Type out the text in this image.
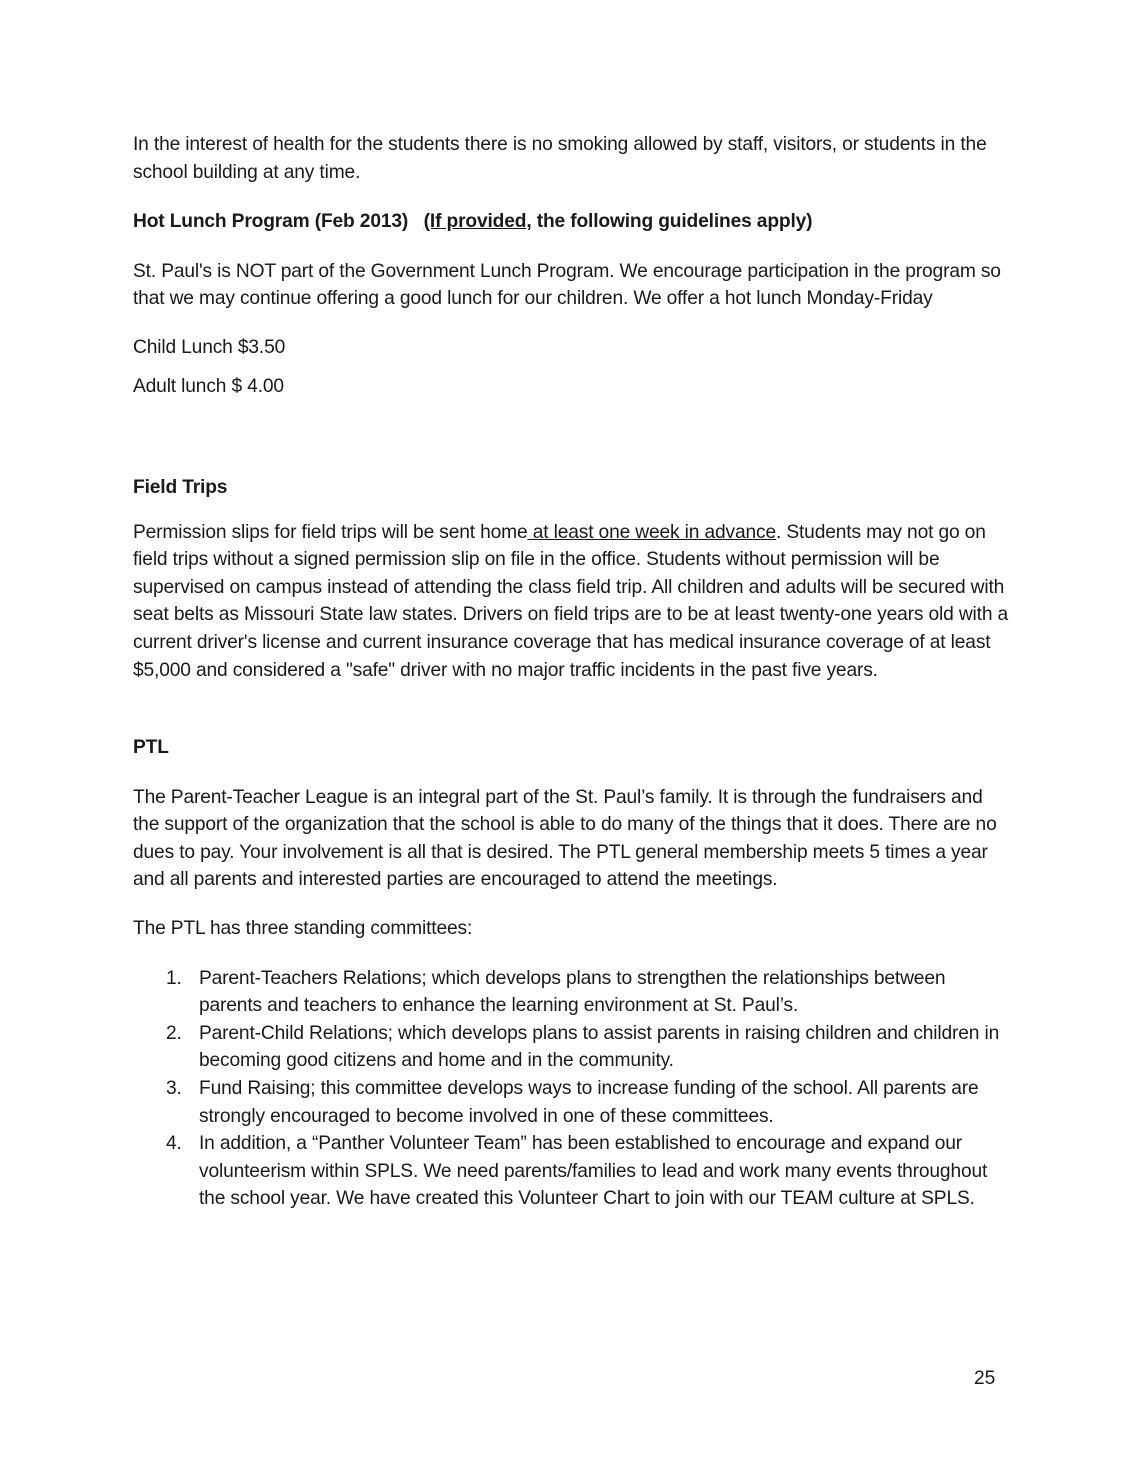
In the interest of health for the students there is no smoking allowed by staff, visitors, or students in the school building at any time.

Hot Lunch Program (Feb 2013) (If provided, the following guidelines apply)

St. Paul's is NOT part of the Government Lunch Program. We encourage participation in the program so that we may continue offering a good lunch for our children. We offer a hot lunch Monday-Friday

Child Lunch $3.50

Adult lunch $ 4.00

Field Trips

Permission slips for field trips will be sent home at least one week in advance. Students may not go on field trips without a signed permission slip on file in the office. Students without permission will be supervised on campus instead of attending the class field trip. All children and adults will be secured with seat belts as Missouri State law states. Drivers on field trips are to be at least twenty-one years old with a current driver's license and current insurance coverage that has medical insurance coverage of at least $5,000 and considered a "safe" driver with no major traffic incidents in the past five years.

PTL

The Parent-Teacher League is an integral part of the St. Paul’s family. It is through the fundraisers and the support of the organization that the school is able to do many of the things that it does. There are no dues to pay. Your involvement is all that is desired. The PTL general membership meets 5 times a year and all parents and interested parties are encouraged to attend the meetings.

The PTL has three standing committees:

1. Parent-Teachers Relations; which develops plans to strengthen the relationships between parents and teachers to enhance the learning environment at St. Paul’s.
2. Parent-Child Relations; which develops plans to assist parents in raising children and children in becoming good citizens and home and in the community.
3. Fund Raising; this committee develops ways to increase funding of the school. All parents are strongly encouraged to become involved in one of these committees.
4. In addition, a “Panther Volunteer Team” has been established to encourage and expand our volunteerism within SPLS. We need parents/families to lead and work many events throughout the school year. We have created this Volunteer Chart to join with our TEAM culture at SPLS.
25
